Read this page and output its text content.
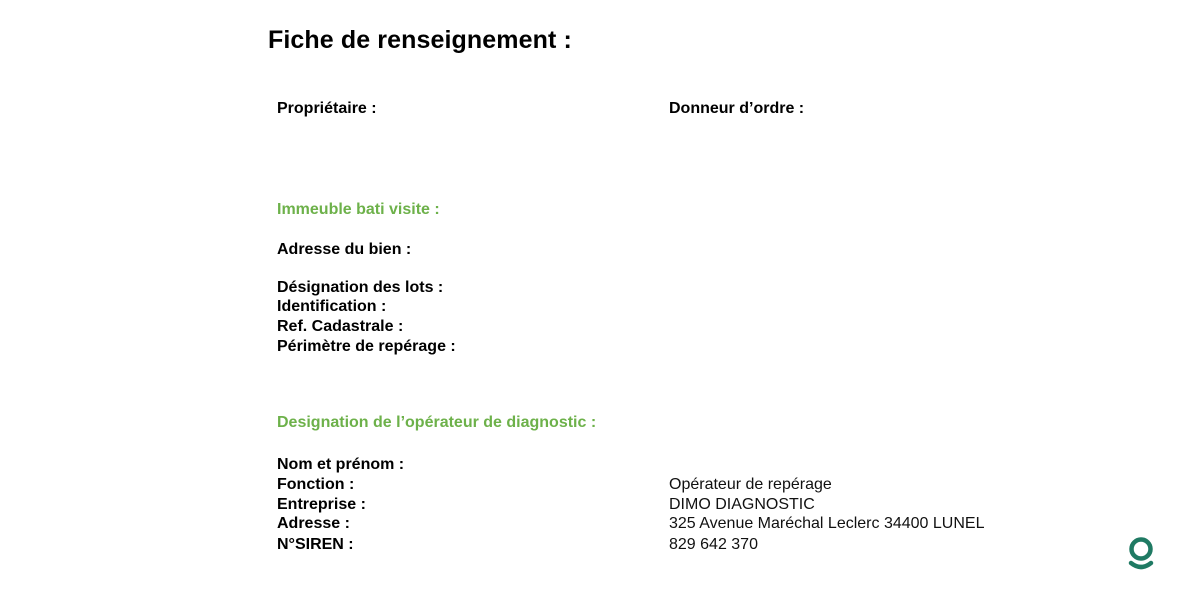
Fiche de renseignement :
Propriétaire :	Donneur d’ordre :
Immeuble bati visite :
Adresse du bien :
Désignation des lots :
Identification :
Ref. Cadastrale :
Périmètre de repérage :
Designation de l’opérateur de diagnostic :
Nom et prénom :
Fonction :	Opérateur de repérage
Entreprise :	DIMO DIAGNOSTIC
Adresse :	325 Avenue Maréchal Leclerc 34400 LUNEL
N°SIREN :	829 642 370
